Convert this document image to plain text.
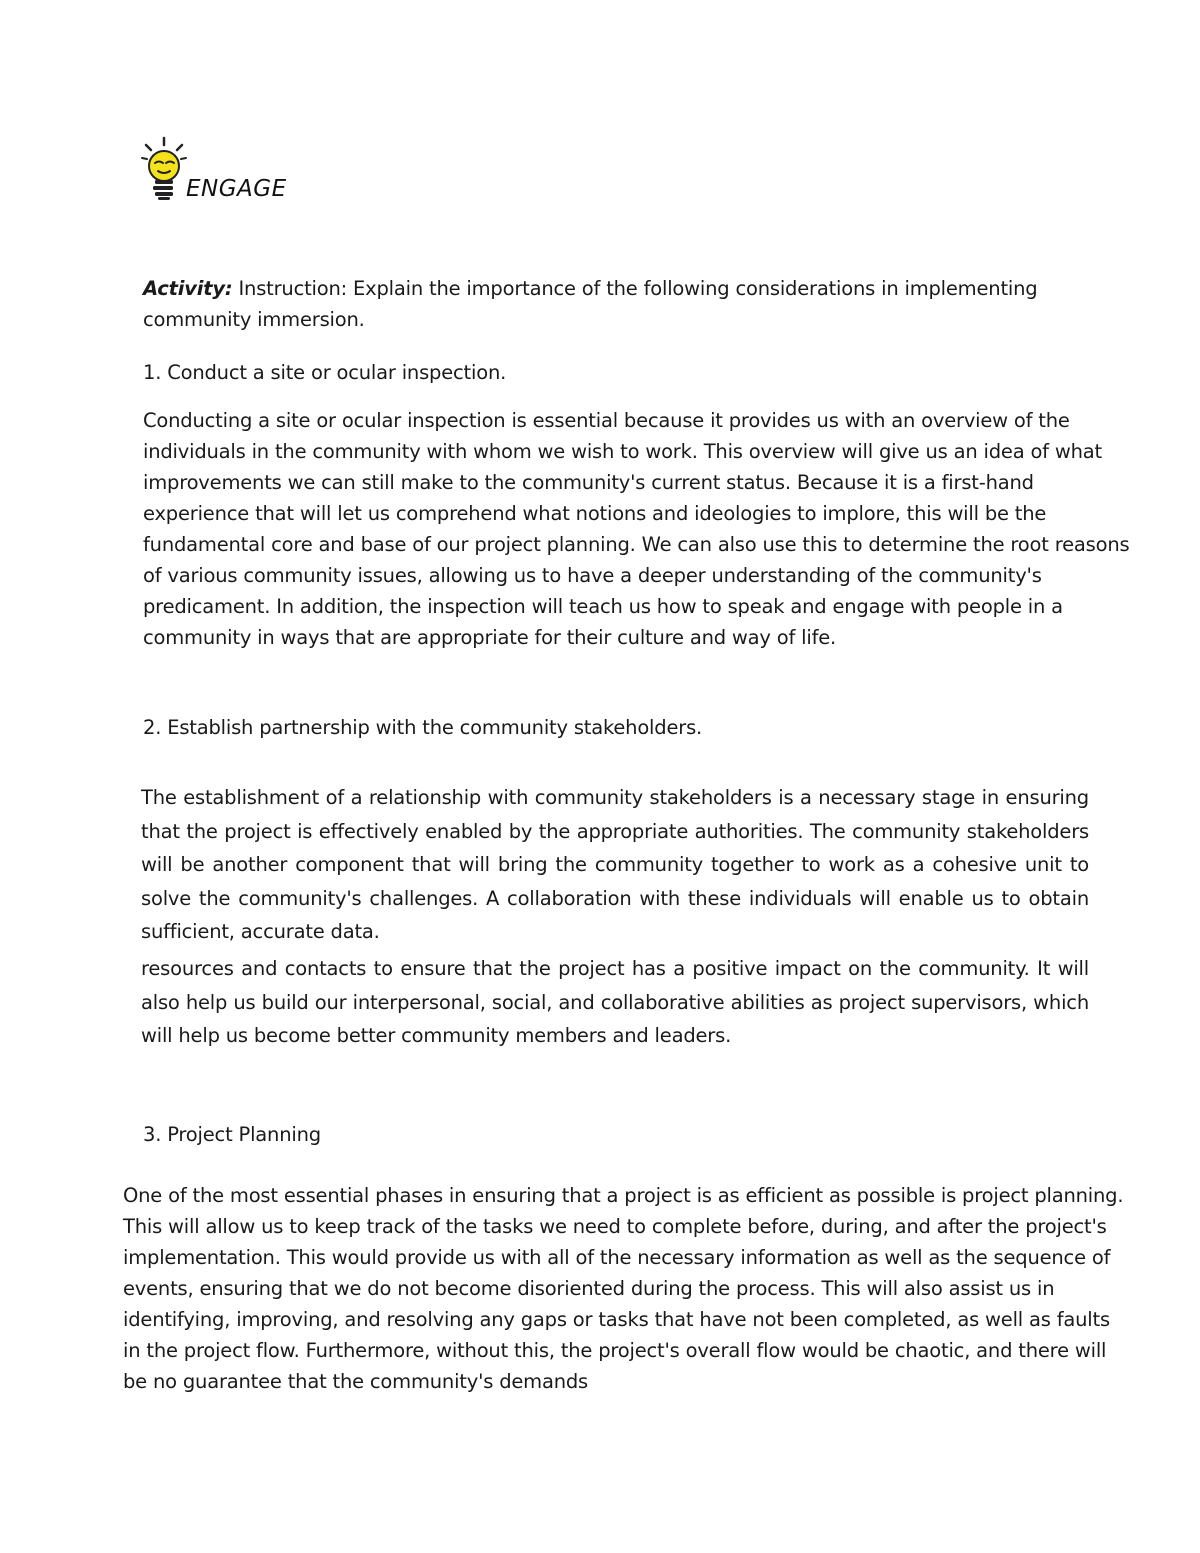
ENGAGE
Activity: Instruction: Explain the importance of the following considerations in implementing community immersion.
1. Conduct a site or ocular inspection.
Conducting a site or ocular inspection is essential because it provides us with an overview of the individuals in the community with whom we wish to work. This overview will give us an idea of what improvements we can still make to the community's current status. Because it is a first-hand experience that will let us comprehend what notions and ideologies to implore, this will be the fundamental core and base of our project planning. We can also use this to determine the root reasons of various community issues, allowing us to have a deeper understanding of the community's predicament. In addition, the inspection will teach us how to speak and engage with people in a community in ways that are appropriate for their culture and way of life.
2. Establish partnership with the community stakeholders.
The establishment of a relationship with community stakeholders is a necessary stage in ensuring that the project is effectively enabled by the appropriate authorities. The community stakeholders will be another component that will bring the community together to work as a cohesive unit to solve the community's challenges. A collaboration with these individuals will enable us to obtain sufficient, accurate data.
resources and contacts to ensure that the project has a positive impact on the community. It will also help us build our interpersonal, social, and collaborative abilities as project supervisors, which will help us become better community members and leaders.
3. Project Planning
One of the most essential phases in ensuring that a project is as efficient as possible is project planning. This will allow us to keep track of the tasks we need to complete before, during, and after the project's implementation. This would provide us with all of the necessary information as well as the sequence of events, ensuring that we do not become disoriented during the process. This will also assist us in identifying, improving, and resolving any gaps or tasks that have not been completed, as well as faults in the project flow. Furthermore, without this, the project's overall flow would be chaotic, and there will be no guarantee that the community's demands
